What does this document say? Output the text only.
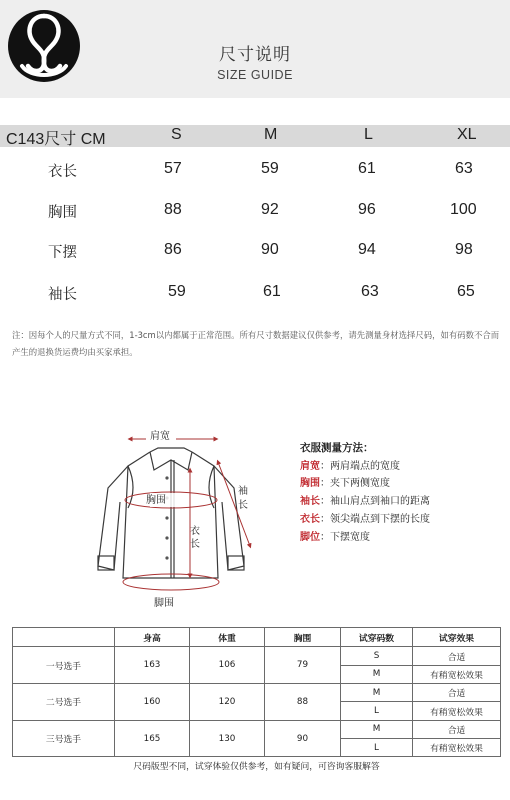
尺寸说明
SIZE GUIDE
C143尺寸 CM	S	M	L	XL
衣长	57	59	61	63
胸围	88	92	96	100
下摆	86	90	94	98
袖长	59	61	63	65
注：因每个人的尺量方式不同，1-3cm以内都属于正常范围。所有尺寸数据建议仅供参考，请先测量身材选择尺码，如有码数不合而产生的退换货运费均由买家承担。
肩宽
胸围
衣长
袖长
脚围
衣服测量方法：
肩宽：两肩端点的宽度
胸围：夹下两侧宽度
袖长：袖山肩点到袖口的距离
衣长：领尖端点到下摆的长度
脚位：下摆宽度
	身高	体重	胸围	试穿码数	试穿效果
一号选手	163	106	79	S	合适
				M	有稍宽松效果
二号选手	160	120	88	M	合适
				L	有稍宽松效果
三号选手	165	130	90	M	合适
				L	有稍宽松效果
尺码版型不同，试穿体验仅供参考，如有疑问，可咨询客服解答					
